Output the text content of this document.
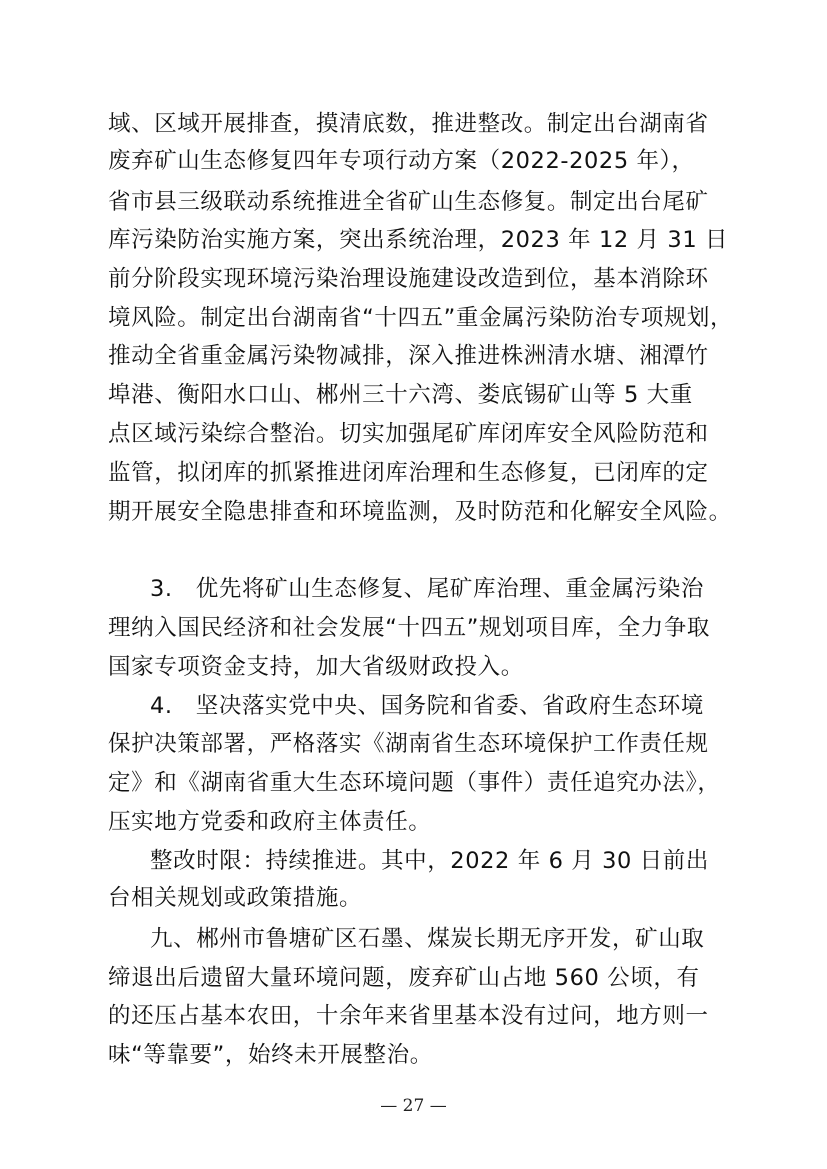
域、区域开展排查，摸清底数，推进整改。制定出台湖南省
废弃矿山生态修复四年专项行动方案（2022-2025 年），
省市县三级联动系统推进全省矿山生态修复。制定出台尾矿
库污染防治实施方案，突出系统治理，2023 年 12 月 31 日
前分阶段实现环境污染治理设施建设改造到位，基本消除环
境风险。制定出台湖南省“十四五”重金属污染防治专项规划，
推动全省重金属污染物减排，深入推进株洲清水塘、湘潭竹
埠港、衡阳水口山、郴州三十六湾、娄底锡矿山等 5 大重
点区域污染综合整治。切实加强尾矿库闭库安全风险防范和
监管，拟闭库的抓紧推进闭库治理和生态修复，已闭库的定
期开展安全隐患排查和环境监测，及时防范和化解安全风险。
3.　优先将矿山生态修复、尾矿库治理、重金属污染治
理纳入国民经济和社会发展“十四五”规划项目库，全力争取
国家专项资金支持，加大省级财政投入。
4.　坚决落实党中央、国务院和省委、省政府生态环境
保护决策部署，严格落实《湖南省生态环境保护工作责任规
定》和《湖南省重大生态环境问题（事件）责任追究办法》，
压实地方党委和政府主体责任。
整改时限：持续推进。其中，2022 年 6 月 30 日前出
台相关规划或政策措施。
九、郴州市鲁塘矿区石墨、煤炭长期无序开发，矿山取
缔退出后遗留大量环境问题，废弃矿山占地 560 公顷，有
的还压占基本农田，十余年来省里基本没有过问，地方则一
味“等靠要”，始终未开展整治。
— 27 —
